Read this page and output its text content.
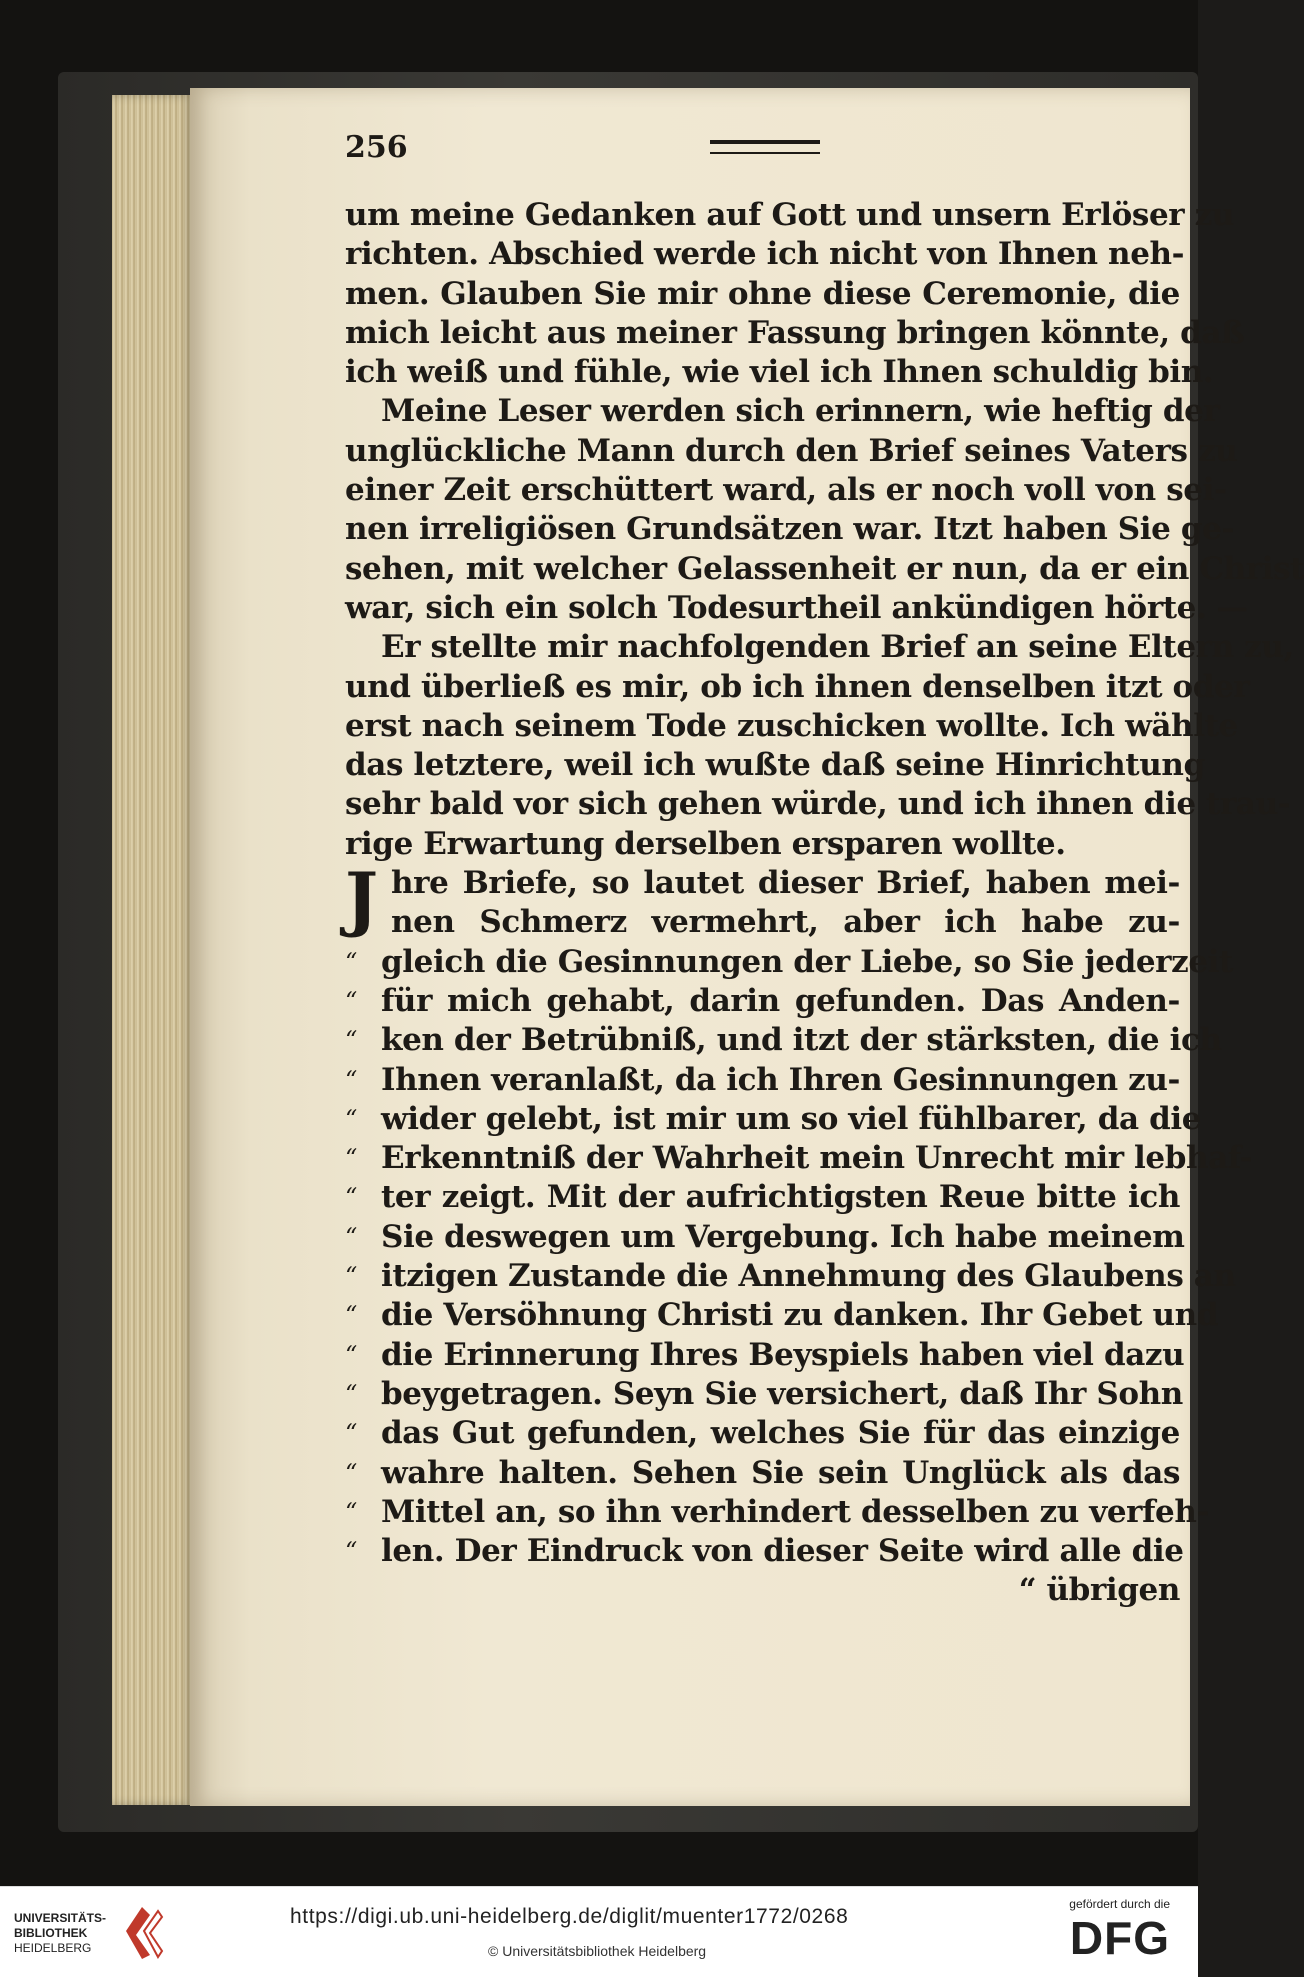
256
um meine Gedanken auf Gott und unsern Erlöser zu
richten. Abschied werde ich nicht von Ihnen neh-
men. Glauben Sie mir ohne diese Ceremonie, die
mich leicht aus meiner Fassung bringen könnte, daß
ich weiß und fühle, wie viel ich Ihnen schuldig bin.
Meine Leser werden sich erinnern, wie heftig der
unglückliche Mann durch den Brief seines Vaters zu
einer Zeit erschüttert ward, als er noch voll von sei-
nen irreligiösen Grundsätzen war. Itzt haben Sie ge-
sehen, mit welcher Gelassenheit er nun, da er ein Christ
war, sich ein solch Todesurtheil ankündigen hörte. —
Er stellte mir nachfolgenden Brief an seine Eltern zu,
und überließ es mir, ob ich ihnen denselben itzt oder
erst nach seinem Tode zuschicken wollte. Ich wählte
das letztere, weil ich wußte daß seine Hinrichtung
sehr bald vor sich gehen würde, und ich ihnen die trau-
rige Erwartung derselben ersparen wollte.
J hre Briefe, so lautet dieser Brief, haben mei-
nen Schmerz vermehrt, aber ich habe zu-
“ gleich die Gesinnungen der Liebe, so Sie jederzeit
“ für mich gehabt, darin gefunden. Das Anden-
“ ken der Betrübniß, und itzt der stärksten, die ich
“ Ihnen veranlaßt, da ich Ihren Gesinnungen zu-
“ wider gelebt, ist mir um so viel fühlbarer, da die
“ Erkenntniß der Wahrheit mein Unrecht mir lebhaf-
“ ter zeigt. Mit der aufrichtigsten Reue bitte ich
“ Sie deswegen um Vergebung. Ich habe meinem
“ itzigen Zustande die Annehmung des Glaubens an
“ die Versöhnung Christi zu danken. Ihr Gebet und
“ die Erinnerung Ihres Beyspiels haben viel dazu
“ beygetragen. Seyn Sie versichert, daß Ihr Sohn
“ das Gut gefunden, welches Sie für das einzige
“ wahre halten. Sehen Sie sein Unglück als das
“ Mittel an, so ihn verhindert desselben zu verfeh-
“ len. Der Eindruck von dieser Seite wird alle die
“ übrigen
UNIVERSITÄTS-
BIBLIOTHEK
HEIDELBERG
https://digi.ub.uni-heidelberg.de/diglit/muenter1772/0268
© Universitätsbibliothek Heidelberg
gefördert durch die
DFG
